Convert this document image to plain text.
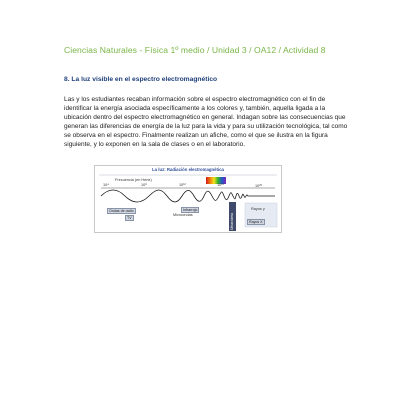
Ciencias Naturales - Física 1º medio / Unidad 3 / OA12 / Actividad 8
8. La luz visible en el espectro electromagnético
Las y los estudiantes recaban información sobre el espectro electromagnético con el fin de identificar la energía asociada específicamente a los colores y, también, aquella ligada a la ubicación dentro del espectro electromagnético en general. Indagan sobre las consecuencias que generan las diferencias de energía de la luz para la vida y para su utilización tecnológica, tal como se observa en el espectro. Finalmente realizan un afiche, como el que se ilustra en la figura siguiente, y lo exponen en la sala de clases o en el laboratorio.
La luz: Radiación electromagnética
Frecuencia (en Hertz)
10⁴	10⁸	10¹²	10¹⁶	10²⁰
Ondas de radio
TV
Infrarrojo
Microondas	Ultravioleta
Rayos γ
Rayos X
